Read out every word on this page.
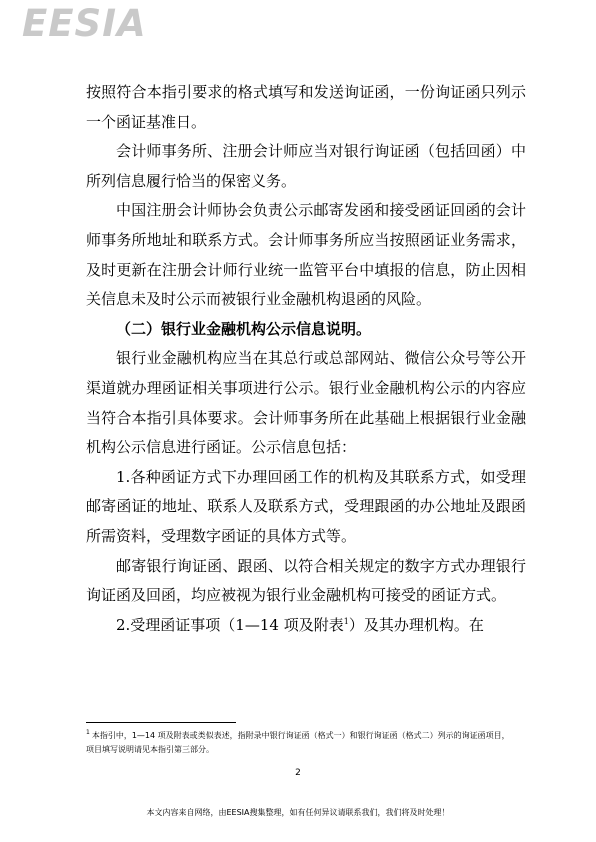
EESIA

按照符合本指引要求的格式填写和发送询证函，一份询证函只列示一个函证基准日。

会计师事务所、注册会计师应当对银行询证函（包括回函）中所列信息履行恰当的保密义务。

中国注册会计师协会负责公示邮寄发函和接受函证回函的会计师事务所地址和联系方式。会计师事务所应当按照函证业务需求，及时更新在注册会计师行业统一监管平台中填报的信息，防止因相关信息未及时公示而被银行业金融机构退函的风险。

（二）银行业金融机构公示信息说明。

银行业金融机构应当在其总行或总部网站、微信公众号等公开渠道就办理函证相关事项进行公示。银行业金融机构公示的内容应当符合本指引具体要求。会计师事务所在此基础上根据银行业金融机构公示信息进行函证。公示信息包括：

1.各种函证方式下办理回函工作的机构及其联系方式，如受理邮寄函证的地址、联系人及联系方式，受理跟函的办公地址及跟函所需资料，受理数字函证的具体方式等。

邮寄银行询证函、跟函、以符合相关规定的数字方式办理银行询证函及回函，均应被视为银行业金融机构可接受的函证方式。

2.受理函证事项（1—14 项及附表$^1$）及其办理机构。在

$^1$ 本指引中，1—14 项及附表或类似表述，指附录中银行询证函（格式一）和银行询证函（格式二）列示的询证函项目，项目填写说明请见本指引第三部分。
2
本文内容来自网络，由EESIA搜集整理，如有任何异议请联系我们，我们将及时处理！
